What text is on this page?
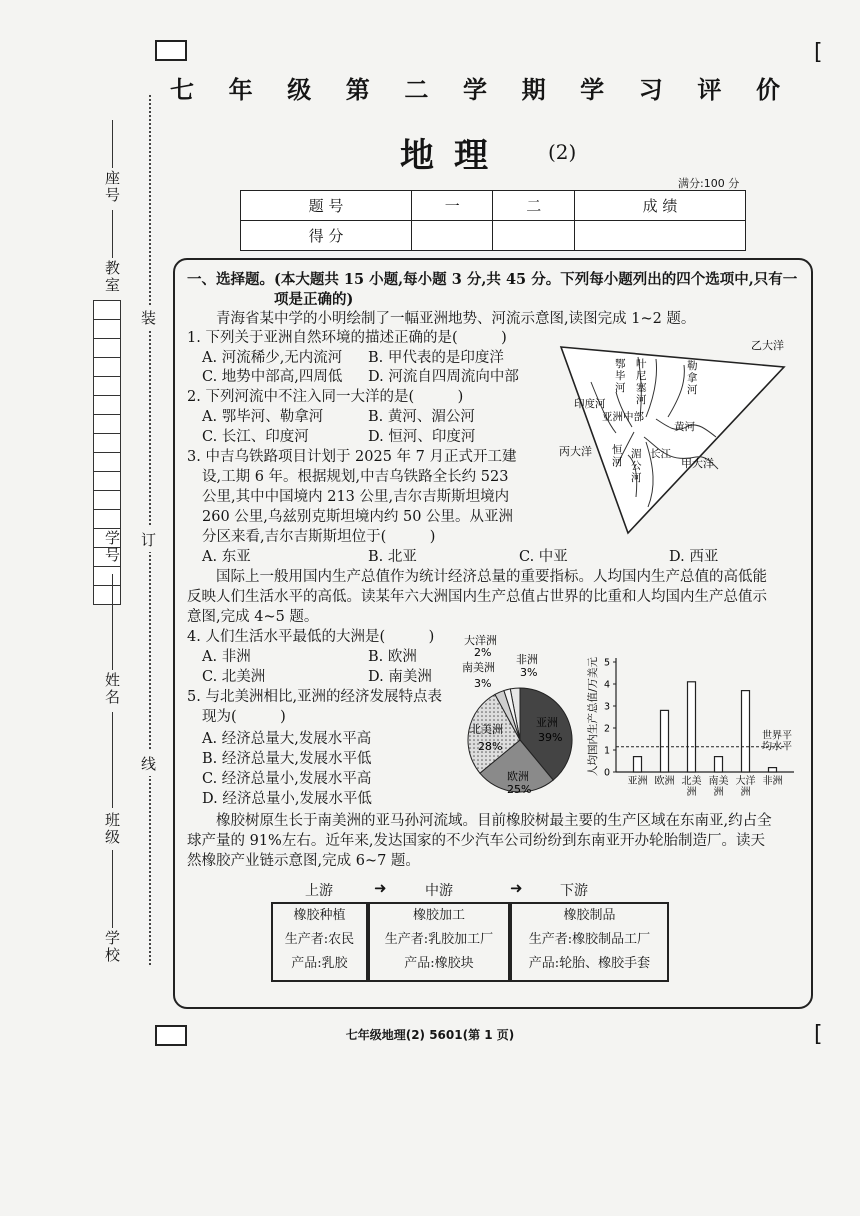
[
[
座号
教室
学号
姓名
班级
学校
装
订
线
七 年 级 第 二 学 期 学 习 评 价
地理 (2)
满分:100 分
题 号	一	二	成 绩
得 分			
一、选择题。(本大题共 15 小题,每小题 3 分,共 45 分。下列每小题列出的四个选项中,只有一
项是正确的)
青海省某中学的小明绘制了一幅亚洲地势、河流示意图,读图完成 1~2 题。
1. 下列关于亚洲自然环境的描述正确的是(　　　)
A. 河流稀少,无内流河 B. 甲代表的是印度洋
C. 地势中部高,四周低 D. 河流自四周流向中部
2. 下列河流中不注入同一大洋的是(　　　)
A. 鄂毕河、勒拿河	B. 黄河、湄公河
C. 长江、印度河	D. 恒河、印度河
3. 中吉乌铁路项目计划于 2025 年 7 月正式开工建
设,工期 6 年。根据规划,中吉乌铁路全长约 523
公里,其中中国境内 213 公里,吉尔吉斯斯坦境内
260 公里,乌兹别克斯坦境内约 50 公里。从亚洲
分区来看,吉尔吉斯斯坦位于(　　　)
A. 东亚	B. 北亚	C. 中亚	D. 西亚
乙大洋
丙大洋
甲大洋
印度河
亚洲中部
黄河
长江
鄂
毕
河
叶
尼
塞
河
勒
拿
河
恒
河
湄
公
河
国际上一般用国内生产总值作为统计经济总量的重要指标。人均国内生产总值的高低能
反映人们生活水平的高低。读某年六大洲国内生产总值占世界的比重和人均国内生产总值示
意图,完成 4~5 题。
4. 人们生活水平最低的大洲是(　　　)
A. 非洲	B. 欧洲
C. 北美洲	D. 南美洲
5. 与北美洲相比,亚洲的经济发展特点表
现为(　　　)
A. 经济总量大,发展水平高
B. 经济总量大,发展水平低
C. 经济总量小,发展水平高
D. 经济总量小,发展水平低
大洋洲
2%
南美洲
3%
非洲
3%
亚洲
39%
北美洲
28%
欧洲
25%
0
1
2
3
4
5
亚洲 欧洲 北美洲
南美洲
大洋洲
非洲
世界平均水平
人均国内生产总值/万美元
橡胶树原生长于南美洲的亚马孙河流域。目前橡胶树最主要的生产区域在东南亚,约占全
球产量的 91%左右。近年来,发达国家的不少汽车公司纷纷到东南亚开办轮胎制造厂。读天
然橡胶产业链示意图,完成 6~7 题。
上游	➜	中游	➜	下游
橡胶种植
生产者:农民
产品:乳胶
橡胶加工
生产者:乳胶加工厂
产品:橡胶块
橡胶制品
生产者:橡胶制品工厂
产品:轮胎、橡胶手套
七年级地理(2) 5601(第 1 页)
